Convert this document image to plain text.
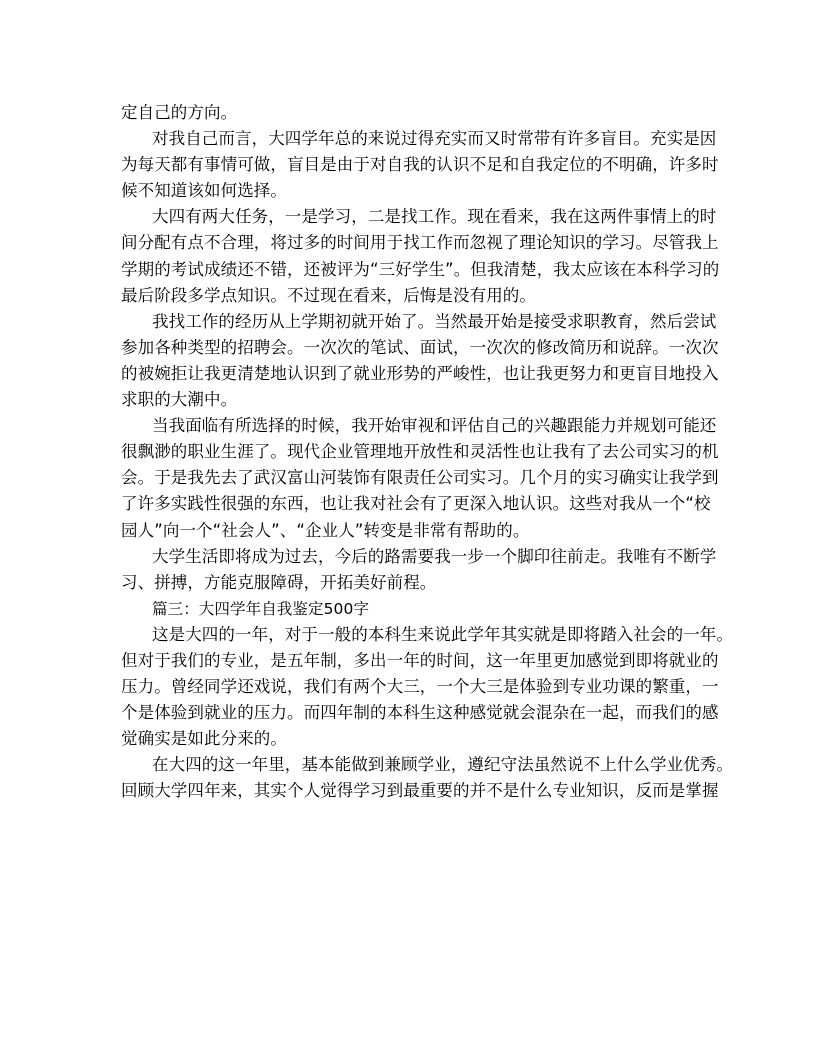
定自己的方向。
对我自己而言，大四学年总的来说过得充实而又时常带有许多盲目。充实是因
为每天都有事情可做，盲目是由于对自我的认识不足和自我定位的不明确，许多时
候不知道该如何选择。
大四有两大任务，一是学习，二是找工作。现在看来，我在这两件事情上的时
间分配有点不合理，将过多的时间用于找工作而忽视了理论知识的学习。尽管我上
学期的考试成绩还不错，还被评为“三好学生”。但我清楚，我太应该在本科学习的
最后阶段多学点知识。不过现在看来，后悔是没有用的。
我找工作的经历从上学期初就开始了。当然最开始是接受求职教育，然后尝试
参加各种类型的招聘会。一次次的笔试、面试，一次次的修改简历和说辞。一次次
的被婉拒让我更清楚地认识到了就业形势的严峻性，也让我更努力和更盲目地投入
求职的大潮中。
当我面临有所选择的时候，我开始审视和评估自己的兴趣跟能力并规划可能还
很飘渺的职业生涯了。现代企业管理地开放性和灵活性也让我有了去公司实习的机
会。于是我先去了武汉富山河装饰有限责任公司实习。几个月的实习确实让我学到
了许多实践性很强的东西，也让我对社会有了更深入地认识。这些对我从一个“校
园人”向一个“社会人”、“企业人”转变是非常有帮助的。
大学生活即将成为过去，今后的路需要我一步一个脚印往前走。我唯有不断学
习、拼搏，方能克服障碍，开拓美好前程。
篇三：大四学年自我鉴定500字
这是大四的一年，对于一般的本科生来说此学年其实就是即将踏入社会的一年。
但对于我们的专业，是五年制，多出一年的时间，这一年里更加感觉到即将就业的
压力。曾经同学还戏说，我们有两个大三，一个大三是体验到专业功课的繁重，一
个是体验到就业的压力。而四年制的本科生这种感觉就会混杂在一起，而我们的感
觉确实是如此分来的。
在大四的这一年里，基本能做到兼顾学业，遵纪守法虽然说不上什么学业优秀。
回顾大学四年来，其实个人觉得学习到最重要的并不是什么专业知识，反而是掌握
